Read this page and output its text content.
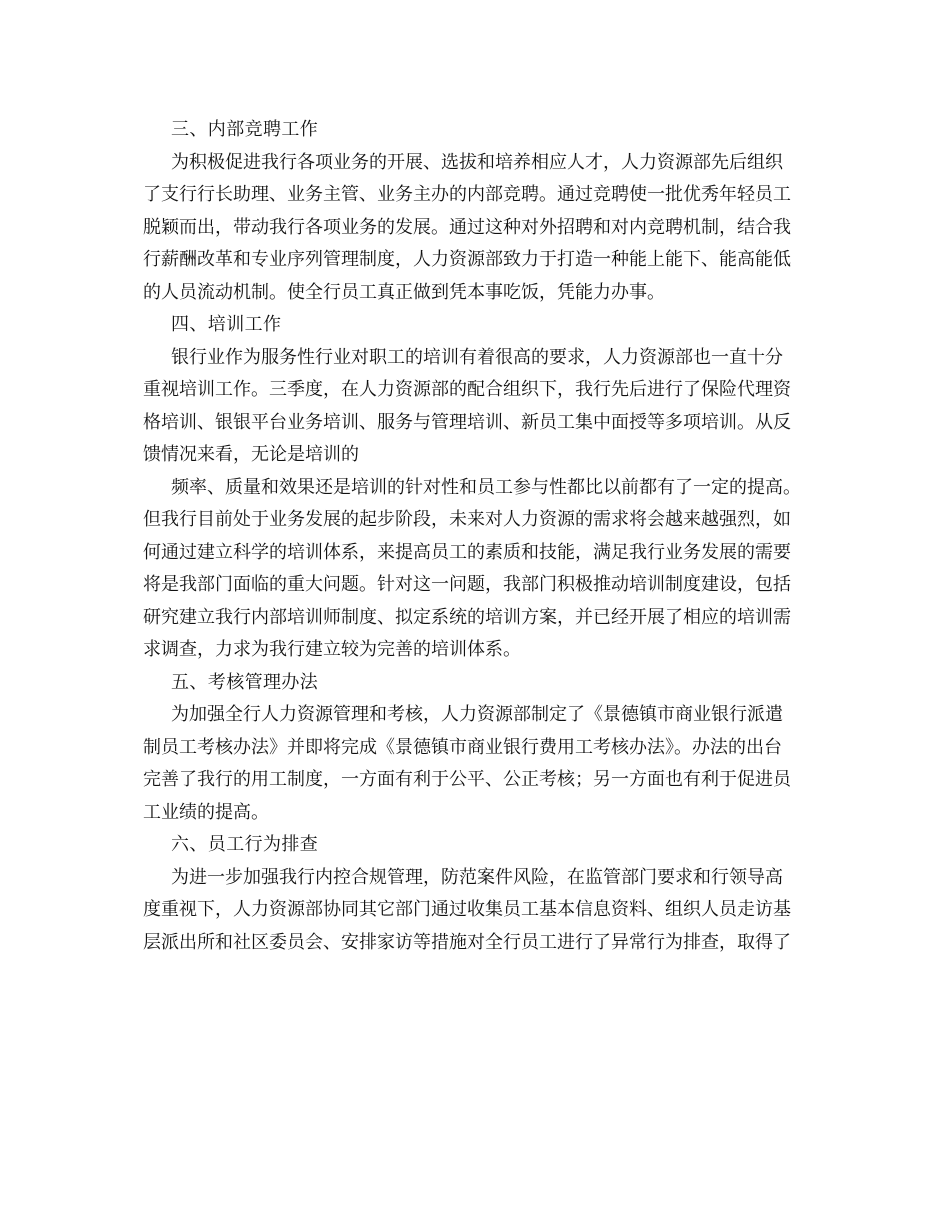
三、内部竞聘工作
为积极促进我行各项业务的开展、选拔和培养相应人才，人力资源部先后组织
了支行行长助理、业务主管、业务主办的内部竞聘。通过竞聘使一批优秀年轻员工
脱颖而出，带动我行各项业务的发展。通过这种对外招聘和对内竞聘机制，结合我
行薪酬改革和专业序列管理制度，人力资源部致力于打造一种能上能下、能高能低
的人员流动机制。使全行员工真正做到凭本事吃饭，凭能力办事。
四、培训工作
银行业作为服务性行业对职工的培训有着很高的要求，人力资源部也一直十分
重视培训工作。三季度，在人力资源部的配合组织下，我行先后进行了保险代理资
格培训、银银平台业务培训、服务与管理培训、新员工集中面授等多项培训。从反
馈情况来看，无论是培训的
频率、质量和效果还是培训的针对性和员工参与性都比以前都有了一定的提高。
但我行目前处于业务发展的起步阶段，未来对人力资源的需求将会越来越强烈，如
何通过建立科学的培训体系，来提高员工的素质和技能，满足我行业务发展的需要
将是我部门面临的重大问题。针对这一问题，我部门积极推动培训制度建设，包括
研究建立我行内部培训师制度、拟定系统的培训方案，并已经开展了相应的培训需
求调查，力求为我行建立较为完善的培训体系。
五、考核管理办法
为加强全行人力资源管理和考核，人力资源部制定了《景德镇市商业银行派遣
制员工考核办法》并即将完成《景德镇市商业银行费用工考核办法》。办法的出台
完善了我行的用工制度，一方面有利于公平、公正考核；另一方面也有利于促进员
工业绩的提高。
六、员工行为排查
为进一步加强我行内控合规管理，防范案件风险，在监管部门要求和行领导高
度重视下，人力资源部协同其它部门通过收集员工基本信息资料、组织人员走访基
层派出所和社区委员会、安排家访等措施对全行员工进行了异常行为排查，取得了
